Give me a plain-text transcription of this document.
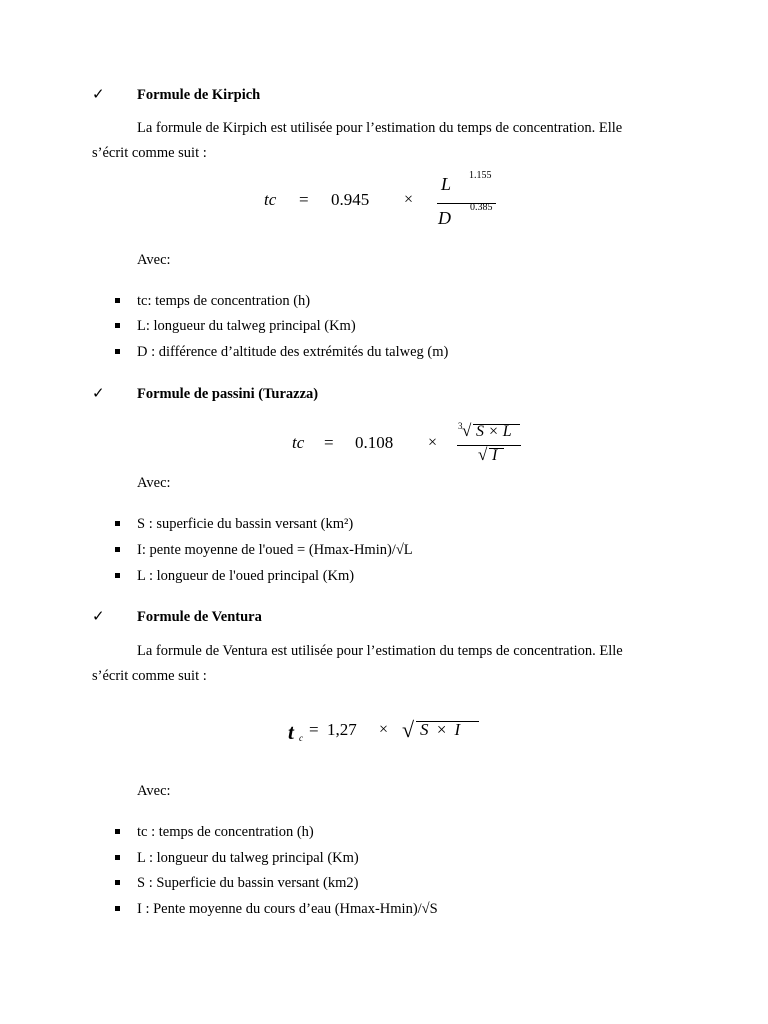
✓ Formule de Kirpich
La formule de Kirpich est utilisée pour l’estimation du temps de concentration. Elle
s’écrit comme suit :
tc = 0.945 ×
L 1.155
D
0.385
Avec:
tc: temps de concentration (h)
L: longueur du talweg principal (Km)
D : différence d’altitude des extrémités du talweg (m)
✓ Formule de passini (Turazza)
tc = 0.108 ×
3 √ S × L
√ I
Avec:
S : superficie du bassin versant (km²)
I: pente moyenne de l'oued = (Hmax-Hmin)/√L
L : longueur de l'oued principal (Km)
✓ Formule de Ventura
La formule de Ventura est utilisée pour l’estimation du temps de concentration. Elle
s’écrit comme suit :
t c = 1,27 × √ S × I
Avec:
tc : temps de concentration (h)
L : longueur du talweg principal (Km)
S : Superficie du bassin versant (km2)
I : Pente moyenne du cours d’eau (Hmax-Hmin)/√S
